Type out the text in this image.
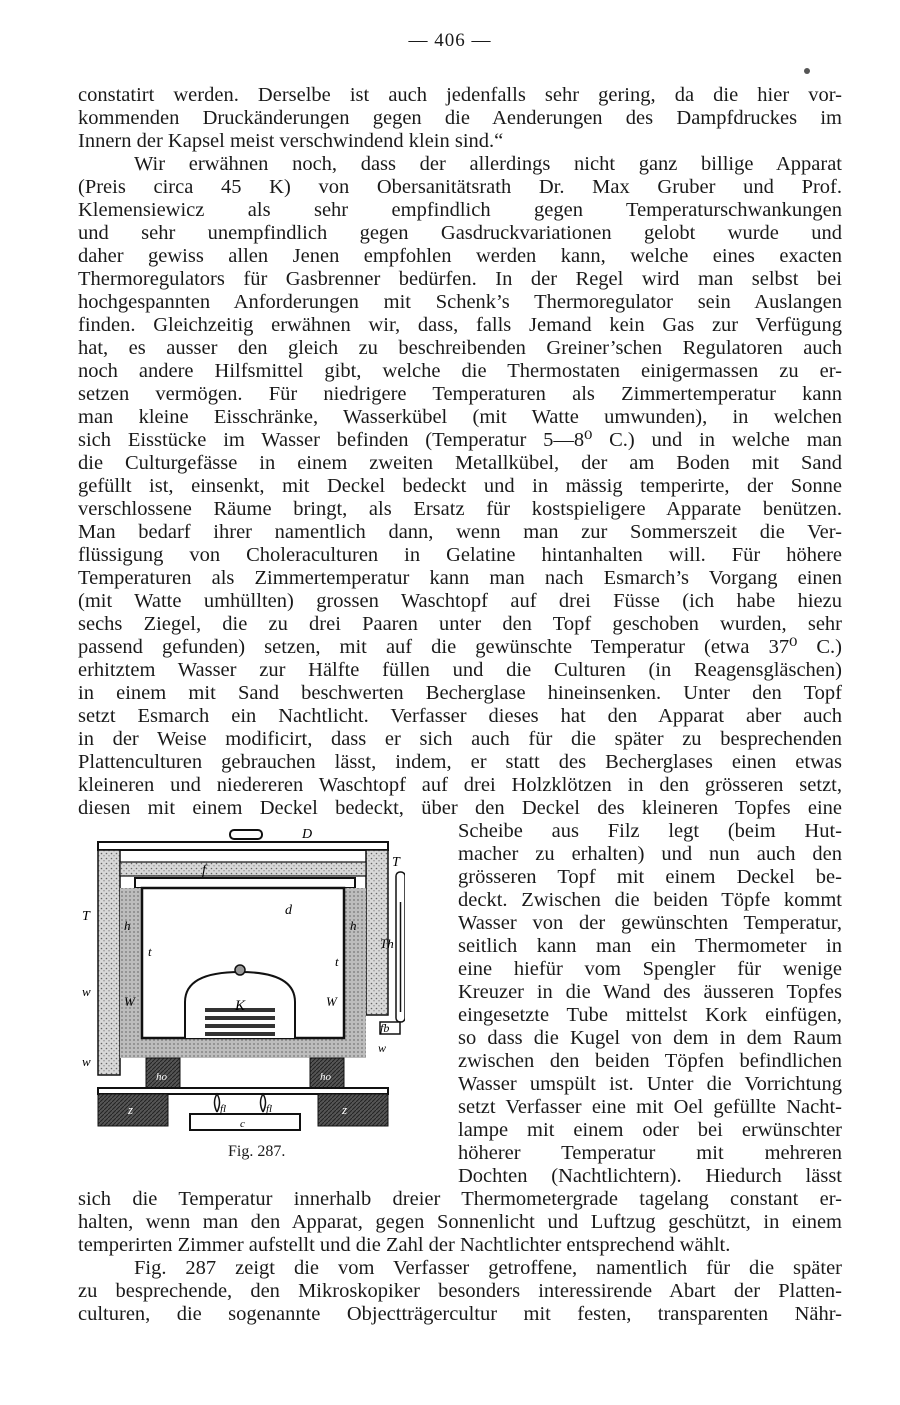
— 406 —
constatirt werden. Derselbe ist auch jedenfalls sehr gering, da die hier vor-
kommenden Druckänderungen gegen die Aenderungen des Dampfdruckes im
Innern der Kapsel meist verschwindend klein sind.“
Wir erwähnen noch, dass der allerdings nicht ganz billige Apparat
(Preis circa 45 K) von Obersanitätsrath Dr. Max Gruber und Prof.
Klemensiewicz als sehr empfindlich gegen Temperaturschwankungen
und sehr unempfindlich gegen Gasdruckvariationen gelobt wurde und
daher gewiss allen Jenen empfohlen werden kann, welche eines exacten
Thermoregulators für Gasbrenner bedürfen. In der Regel wird man selbst bei
hochgespannten Anforderungen mit Schenk’s Thermoregulator sein Auslangen
finden. Gleichzeitig erwähnen wir, dass, falls Jemand kein Gas zur Verfügung
hat, es ausser den gleich zu beschreibenden Greiner’schen Regulatoren auch
noch andere Hilfsmittel gibt, welche die Thermostaten einigermassen zu er-
setzen vermögen. Für niedrigere Temperaturen als Zimmertemperatur kann
man kleine Eisschränke, Wasserkübel (mit Watte umwunden), in welchen
sich Eisstücke im Wasser befinden (Temperatur 5—8⁰ C.) und in welche man
die Culturgefässe in einem zweiten Metallkübel, der am Boden mit Sand
gefüllt ist, einsenkt, mit Deckel bedeckt und in mässig temperirte, der Sonne
verschlossene Räume bringt, als Ersatz für kostspieligere Apparate benützen.
Man bedarf ihrer namentlich dann, wenn man zur Sommerszeit die Ver-
flüssigung von Choleraculturen in Gelatine hintanhalten will. Für höhere
Temperaturen als Zimmertemperatur kann man nach Esmarch’s Vorgang einen
(mit Watte umhüllten) grossen Waschtopf auf drei Füsse (ich habe hiezu
sechs Ziegel, die zu drei Paaren unter den Topf geschoben wurden, sehr
passend gefunden) setzen, mit auf die gewünschte Temperatur (etwa 37⁰ C.)
erhitztem Wasser zur Hälfte füllen und die Culturen (in Reagensgläschen)
in einem mit Sand beschwerten Becherglase hineinsenken. Unter den Topf
setzt Esmarch ein Nachtlicht. Verfasser dieses hat den Apparat aber auch
in der Weise modificirt, dass er sich auch für die später zu besprechenden
Plattenculturen gebrauchen lässt, indem, er statt des Becherglases einen etwas
kleineren und niedereren Waschtopf auf drei Holzklötzen in den grösseren setzt,
diesen mit einem Deckel bedeckt, über den Deckel des kleineren Topfes eine
Scheibe aus Filz legt (beim Hut-
macher zu erhalten) und nun auch den
grösseren Topf mit einem Deckel be-
deckt. Zwischen die beiden Töpfe kommt
Wasser von der gewünschten Temperatur,
seitlich kann man ein Thermometer in
eine hiefür vom Spengler für wenige
Kreuzer in die Wand des äusseren Topfes
eingesetzte Tube mittelst Kork einfügen,
so dass die Kugel von dem in dem Raum
zwischen den beiden Töpfen befindlichen
Wasser umspült ist. Unter die Vorrichtung
setzt Verfasser eine mit Oel gefüllte Nacht-
lampe mit einem oder bei erwünschter
höherer Temperatur mit mehreren
Dochten (Nachtlichtern). Hiedurch lässt
sich die Temperatur innerhalb dreier Thermometergrade tagelang constant er-
halten, wenn man den Apparat, gegen Sonnenlicht und Luftzug geschützt, in einem
temperirten Zimmer aufstellt und die Zahl der Nachtlichter entsprechend wählt.
Fig. 287 zeigt die vom Verfasser getroffene, namentlich für die später
zu besprechende, den Mikroskopiker besonders interessirende Abart der Platten-
culturen, die sogenannte Objectträgercultur mit festen, transparenten Nähr-
D
f
T
T
d
h	h
t
t
Th
w
w
W	W
K
fb
w
ho	ho
z	z
fl	fl
c
Fig. 287.
